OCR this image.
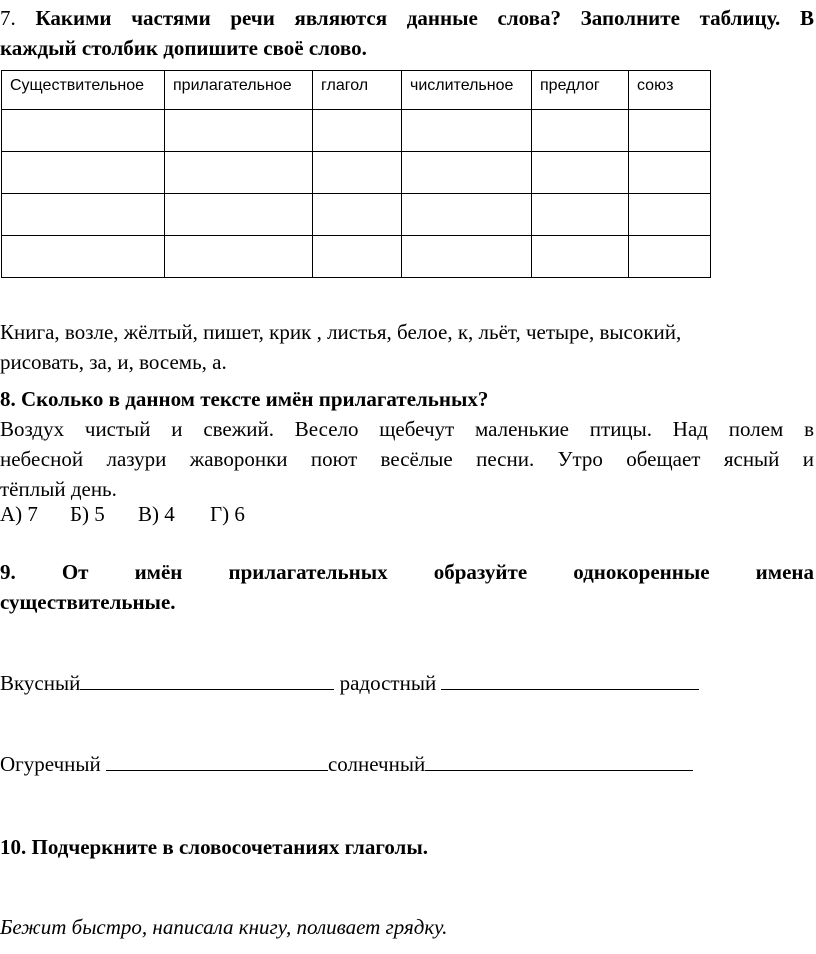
7. Какими частями речи являются данные слова? Заполните таблицу. В
каждый столбик допишите своё слово.
Существительное	прилагательное	глагол	числительное	предлог	союз

Книга, возле, жёлтый, пишет, крик , листья, белое, к, льёт, четыре, высокий,
рисовать, за, и, восемь, а.
8. Сколько в данном тексте имён прилагательных?
Воздух чистый и свежий. Весело щебечут маленькие птицы. Над полем в
небесной лазури жаворонки поют весёлые песни. Утро обещает ясный и
тёплый день.
А) 7 Б) 5 В) 4 Г) 6
9. От имён прилагательных образуйте однокоренные имена
существительные.
Вкусный	радостный
Огуречный	солнечный
10. Подчеркните в словосочетаниях глаголы.
Бежит быстро, написала книгу, поливает грядку.
